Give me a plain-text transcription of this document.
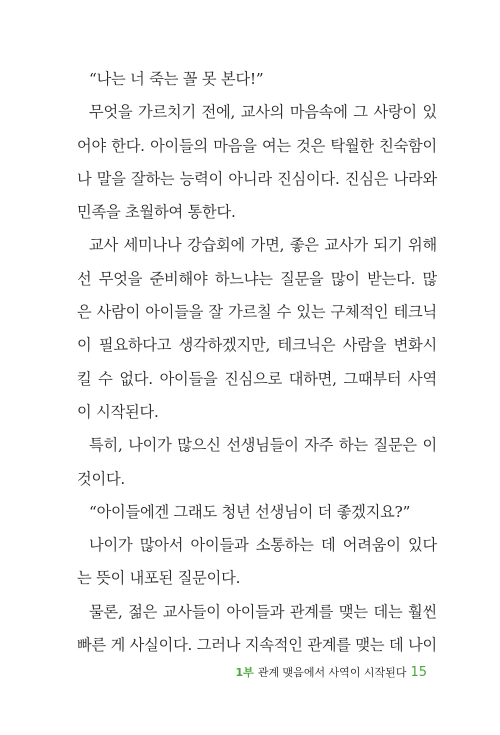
“나는 너 죽는 꼴 못 본다!”
무엇을 가르치기 전에, 교사의 마음속에 그 사랑이 있
어야 한다. 아이들의 마음을 여는 것은 탁월한 친숙함이
나 말을 잘하는 능력이 아니라 진심이다. 진심은 나라와
민족을 초월하여 통한다.
교사 세미나나 강습회에 가면, 좋은 교사가 되기 위해
선 무엇을 준비해야 하느냐는 질문을 많이 받는다. 많
은 사람이 아이들을 잘 가르칠 수 있는 구체적인 테크닉
이 필요하다고 생각하겠지만, 테크닉은 사람을 변화시
킬 수 없다. 아이들을 진심으로 대하면, 그때부터 사역
이 시작된다.
특히, 나이가 많으신 선생님들이 자주 하는 질문은 이
것이다.
“아이들에겐 그래도 청년 선생님이 더 좋겠지요?”
나이가 많아서 아이들과 소통하는 데 어려움이 있다
는 뜻이 내포된 질문이다.
물론, 젊은 교사들이 아이들과 관계를 맺는 데는 훨씬
빠른 게 사실이다. 그러나 지속적인 관계를 맺는 데 나이
1부 관계 맺음에서 사역이 시작된다 15
